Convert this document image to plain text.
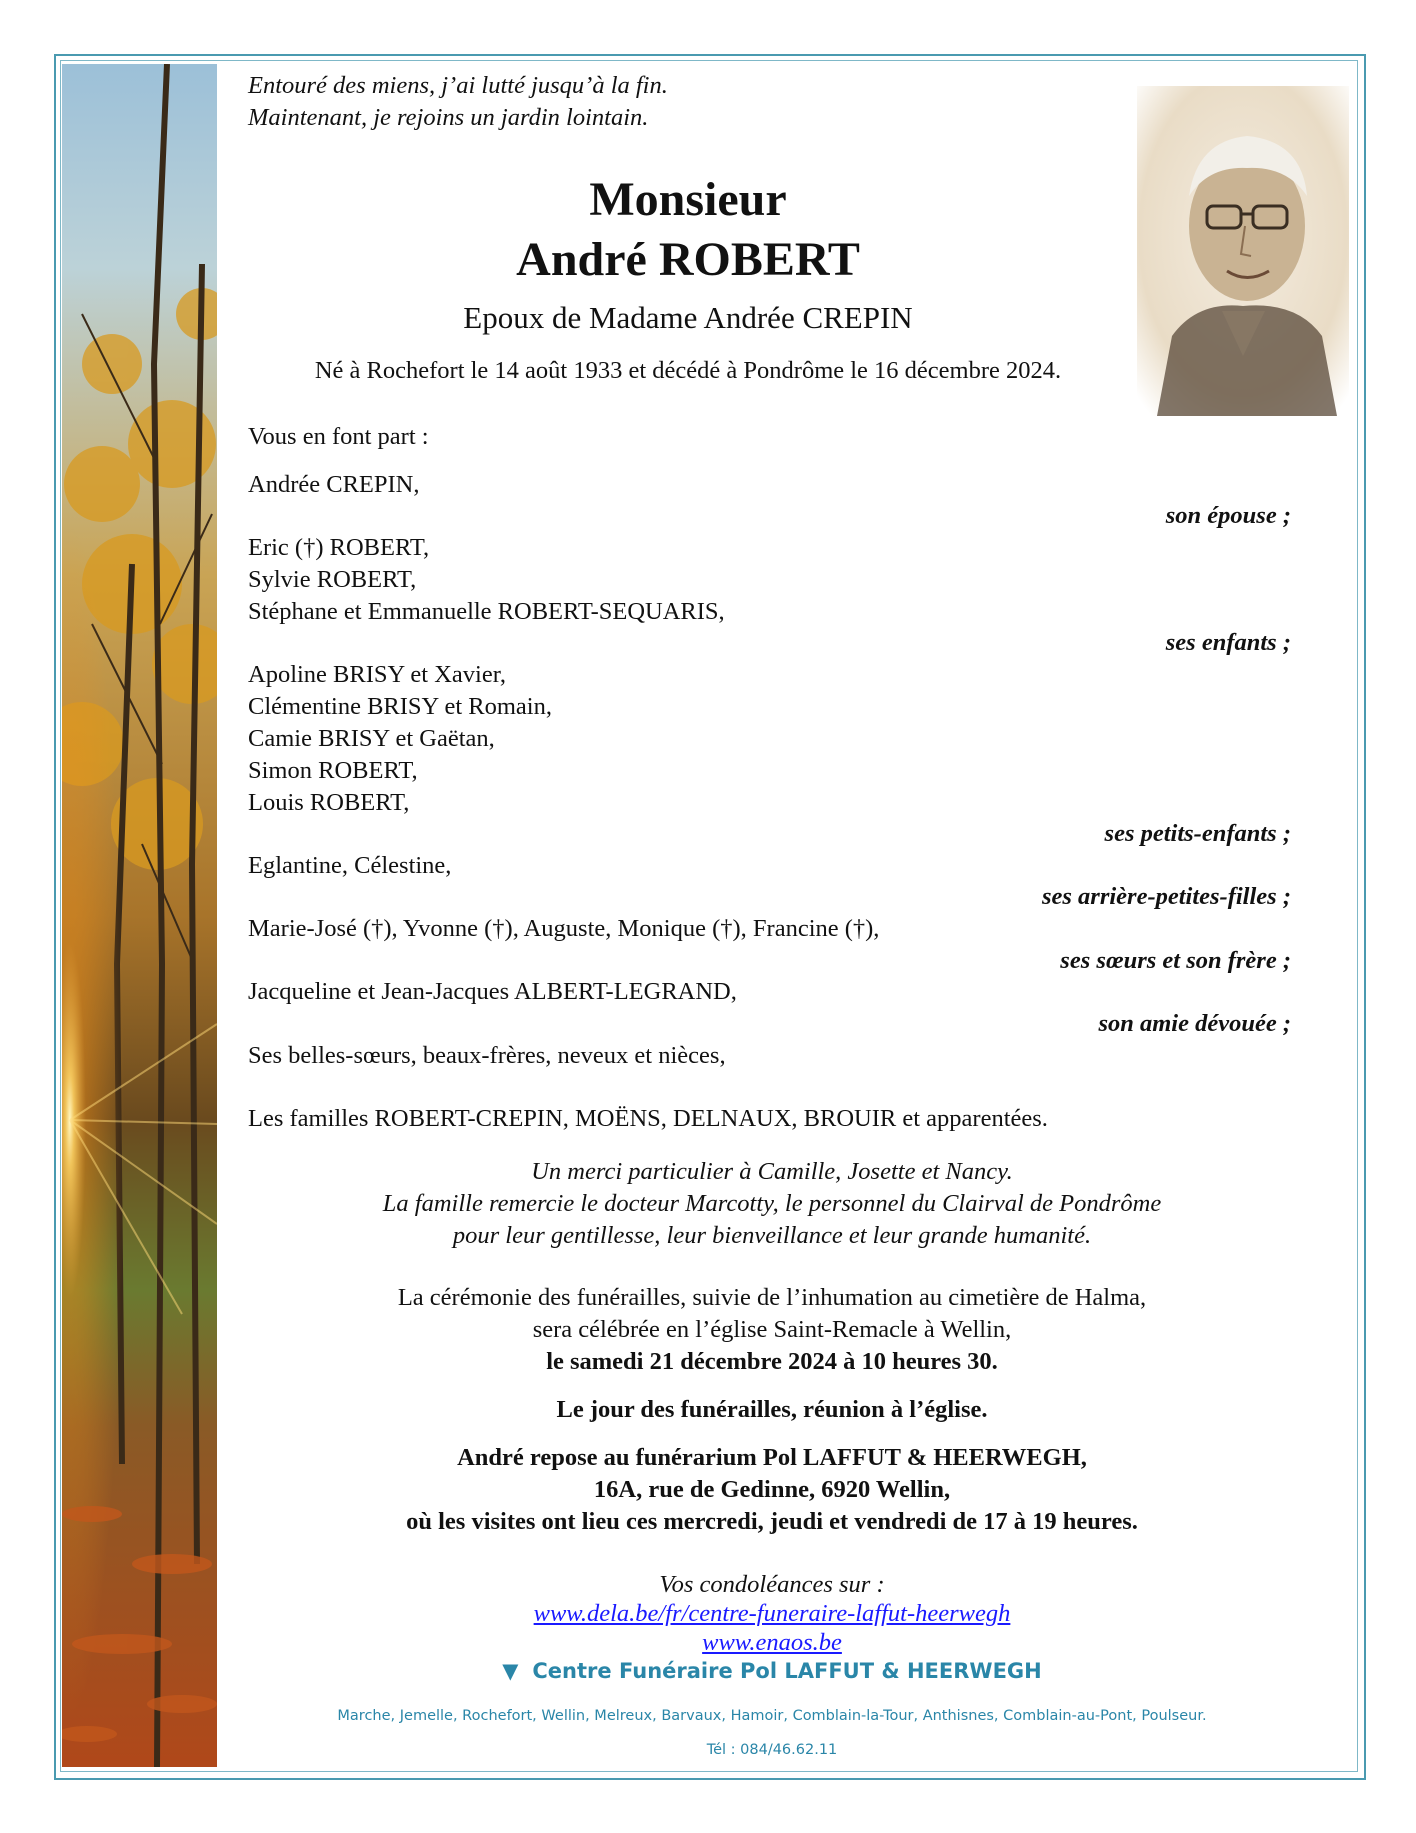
Entouré des miens, j’ai lutté jusqu’à la fin.
Maintenant, je rejoins un jardin lointain.
Monsieur
André ROBERT
Epoux de Madame Andrée CREPIN
Né à Rochefort le 14 août 1933 et décédé à Pondrôme le 16 décembre 2024.
Vous en font part :
Andrée CREPIN,
son épouse ;
Eric (†) ROBERT,
Sylvie ROBERT,
Stéphane et Emmanuelle ROBERT-SEQUARIS,
ses enfants ;
Apoline BRISY et Xavier,
Clémentine BRISY et Romain,
Camie BRISY et Gaëtan,
Simon ROBERT,
Louis ROBERT,
ses petits-enfants ;
Eglantine, Célestine,
ses arrière-petites-filles ;
Marie-José (†), Yvonne (†), Auguste, Monique (†), Francine (†),
ses sœurs et son frère ;
Jacqueline et Jean-Jacques ALBERT-LEGRAND,
son amie dévouée ;
Ses belles-sœurs, beaux-frères, neveux et nièces,
Les familles ROBERT-CREPIN, MOËNS, DELNAUX, BROUIR et apparentées.
Un merci particulier à Camille, Josette et Nancy.
La famille remercie le docteur Marcotty, le personnel du Clairval de Pondrôme
pour leur gentillesse, leur bienveillance et leur grande humanité.
La cérémonie des funérailles, suivie de l’inhumation au cimetière de Halma,
sera célébrée en l’église Saint-Remacle à Wellin,
le samedi 21 décembre 2024 à 10 heures 30.
Le jour des funérailles, réunion à l’église.
André repose au funérarium Pol LAFFUT & HEERWEGH,
16A, rue de Gedinne, 6920 Wellin,
où les visites ont lieu ces mercredi, jeudi et vendredi de 17 à 19 heures.
Vos condoléances sur :
www.dela.be/fr/centre-funeraire-laffut-heerwegh
www.enaos.be
▼ Centre Funéraire Pol LAFFUT & HEERWEGH
Marche, Jemelle, Rochefort, Wellin, Melreux, Barvaux, Hamoir, Comblain-la-Tour, Anthisnes, Comblain-au-Pont, Poulseur.
Tél : 084/46.62.11
